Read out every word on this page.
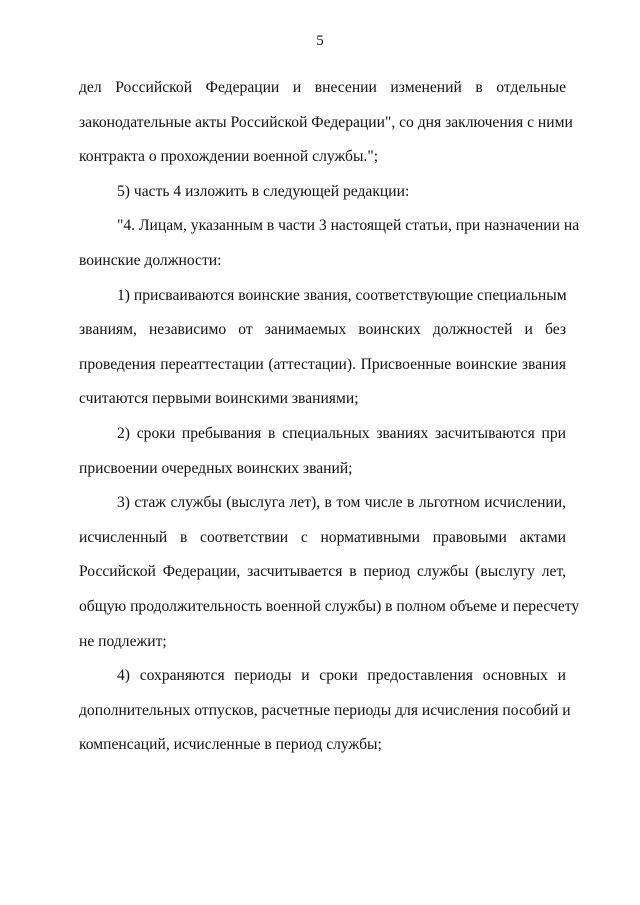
5
дел Российской Федерации и внесении изменений в отдельные
законодательные акты Российской Федерации", со дня заключения с ними
контракта о прохождении военной службы.";
5) часть 4 изложить в следующей редакции:
"4. Лицам, указанным в части 3 настоящей статьи, при назначении на
воинские должности:
1) присваиваются воинские звания, соответствующие специальным
званиям, независимо от занимаемых воинских должностей и без
проведения переаттестации (аттестации). Присвоенные воинские звания
считаются первыми воинскими званиями;
2) сроки пребывания в специальных званиях засчитываются при
присвоении очередных воинских званий;
3) стаж службы (выслуга лет), в том числе в льготном исчислении,
исчисленный в соответствии с нормативными правовыми актами
Российской Федерации, засчитывается в период службы (выслугу лет,
общую продолжительность военной службы) в полном объеме и пересчету
не подлежит;
4) сохраняются периоды и сроки предоставления основных и
дополнительных отпусков, расчетные периоды для исчисления пособий и
компенсаций, исчисленные в период службы;
